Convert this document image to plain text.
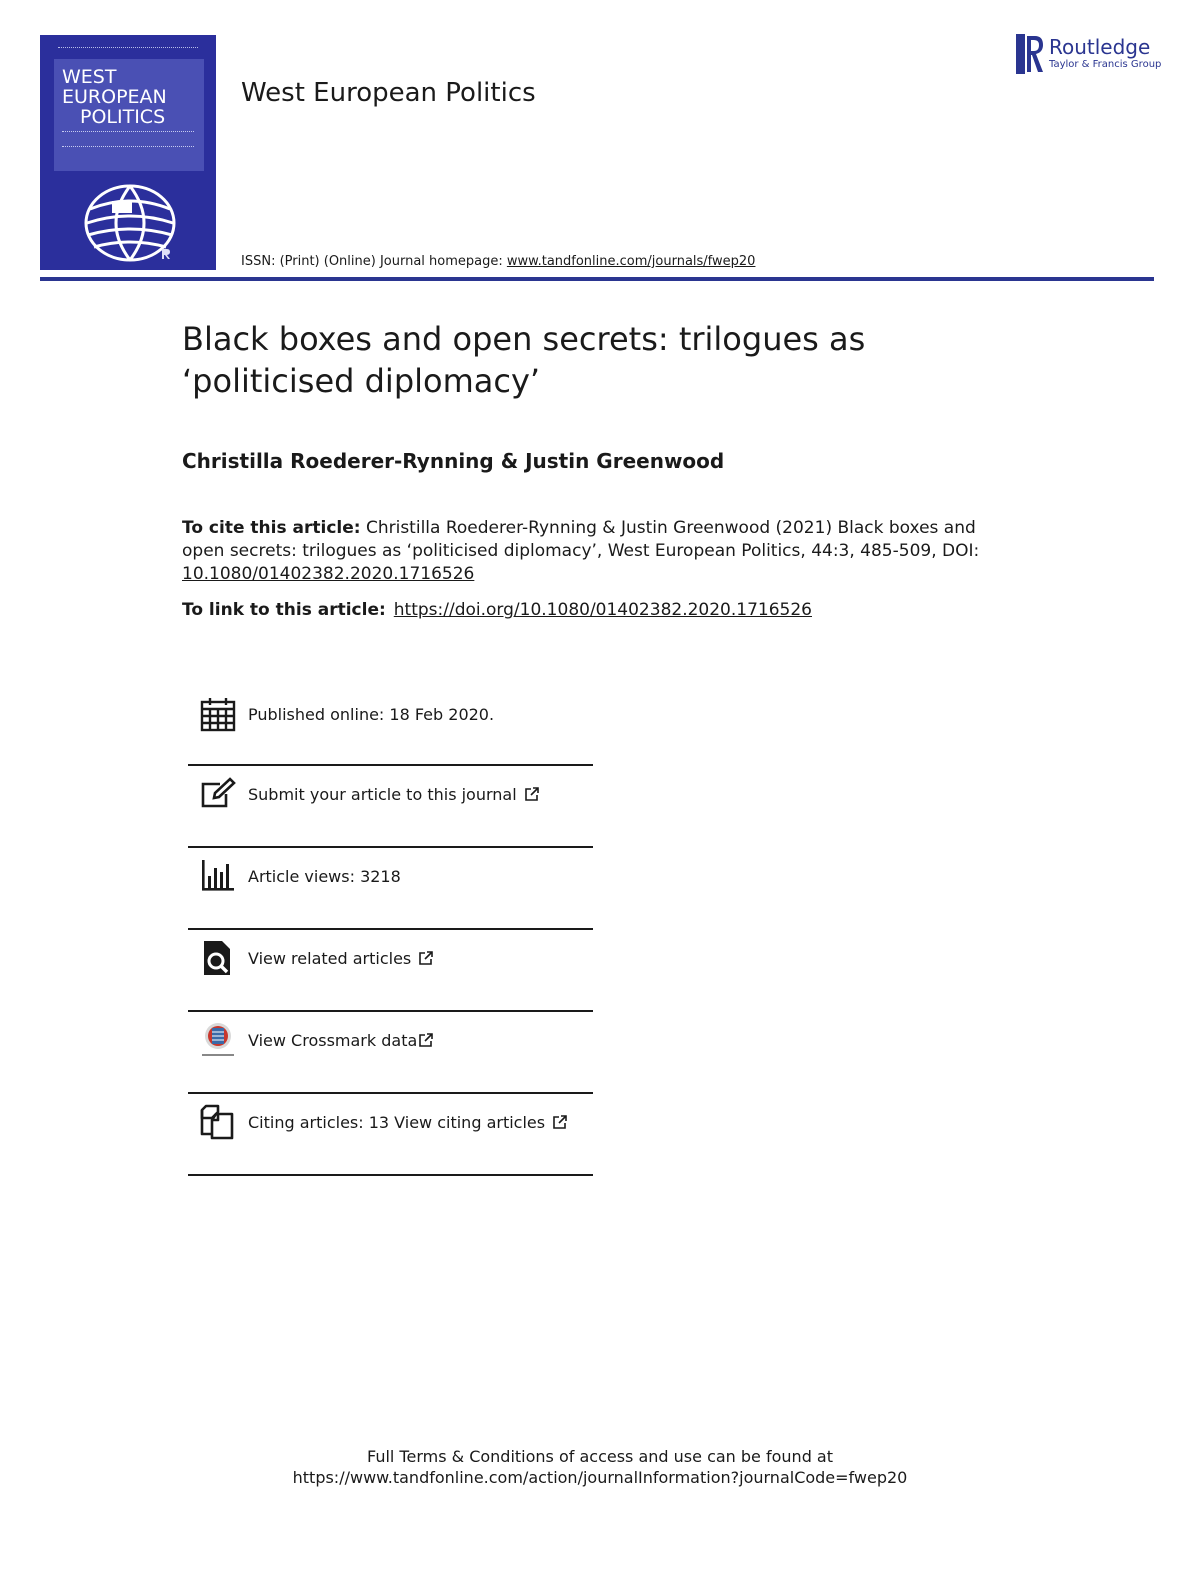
WEST
EUROPEAN
POLITICS
West European Politics
ISSN: (Print) (Online) Journal homepage: www.tandfonline.com/journals/fwep20
Routledge
Taylor & Francis Group
Black boxes and open secrets: trilogues as ‘politicised diplomacy’
Christilla Roederer-Rynning & Justin Greenwood
To cite this article: Christilla Roederer-Rynning & Justin Greenwood (2021) Black boxes and open secrets: trilogues as ‘politicised diplomacy’, West European Politics, 44:3, 485-509, DOI: 10.1080/01402382.2020.1716526
To link to this article: https://doi.org/10.1080/01402382.2020.1716526
Published online: 18 Feb 2020.
Submit your article to this journal
Article views: 3218
View related articles
View Crossmark data
Citing articles: 13 View citing articles
Full Terms & Conditions of access and use can be found at
https://www.tandfonline.com/action/journalInformation?journalCode=fwep20
